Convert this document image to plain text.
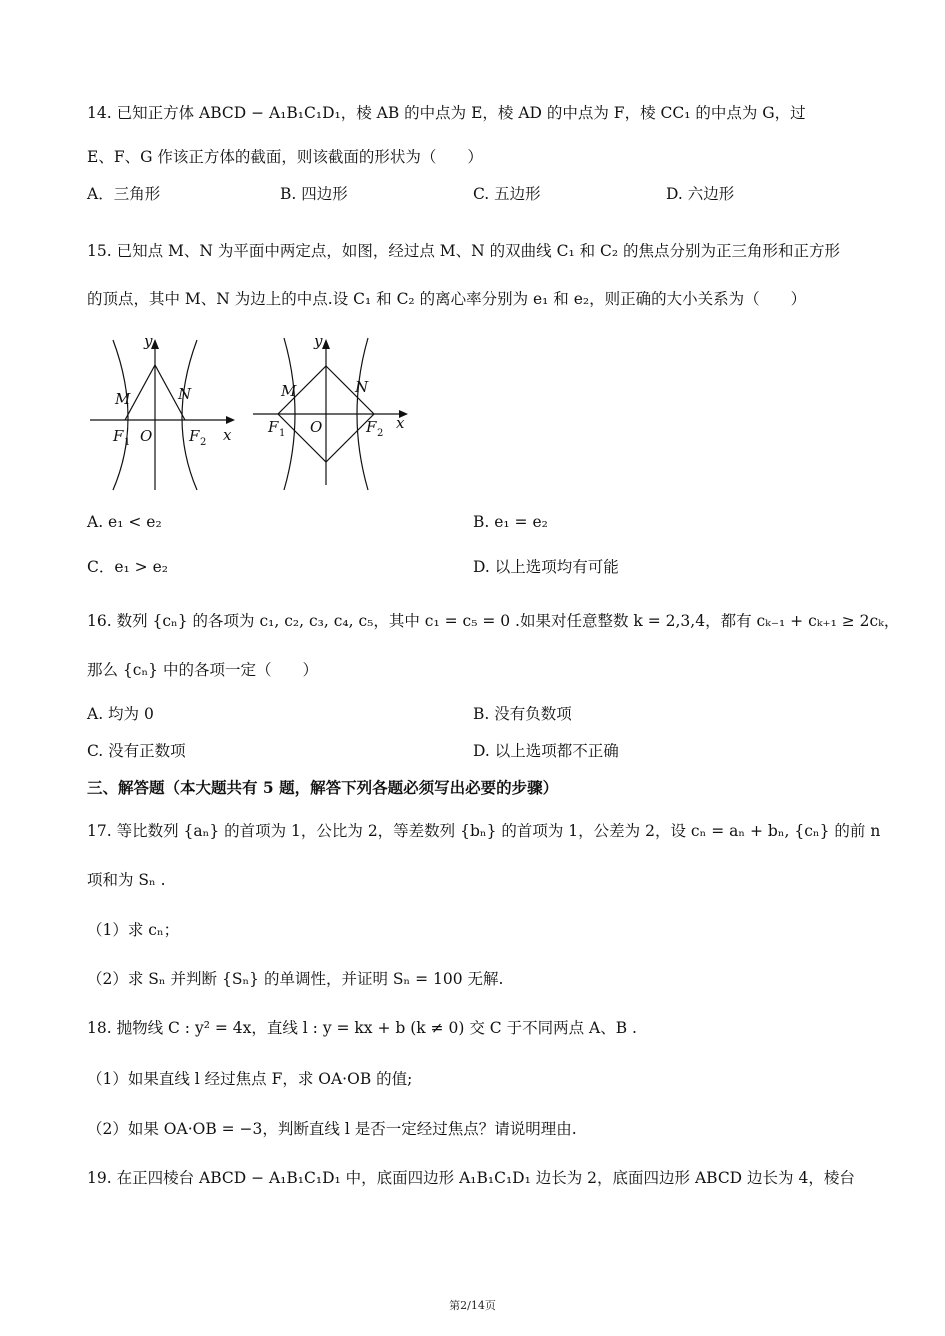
14. 已知正方体 ABCD − A₁B₁C₁D₁，棱 AB 的中点为 E，棱 AD 的中点为 F，棱 CC₁ 的中点为 G，过
E、F、G 作该正方体的截面，则该截面的形状为（　　）
A．三角形	B. 四边形	C. 五边形	D. 六边形
15. 已知点 M、N 为平面中两定点，如图，经过点 M、N 的双曲线 C₁ 和 C₂ 的焦点分别为正三角形和正方形
的顶点，其中 M、N 为边上的中点.设 C₁ 和 C₂ 的离心率分别为 e₁ 和 e₂，则正确的大小关系为（　　）
y
x
M	N
O
F 1	F 2
y
x
M	N
O
F 1	F 2
A. e₁ < e₂	B. e₁ = e₂
C．e₁ > e₂	D. 以上选项均有可能
16. 数列 {cₙ} 的各项为 c₁, c₂, c₃, c₄, c₅，其中 c₁ = c₅ = 0 .如果对任意整数 k = 2,3,4，都有 cₖ₋₁ + cₖ₊₁ ≥ 2cₖ，
那么 {cₙ} 中的各项一定（　　）
A. 均为 0	B. 没有负数项
C. 没有正数项	D. 以上选项都不正确
三、解答题（本大题共有 5 题，解答下列各题必须写出必要的步骤）
17. 等比数列 {aₙ} 的首项为 1，公比为 2，等差数列 {bₙ} 的首项为 1，公差为 2，设 cₙ = aₙ + bₙ, {cₙ} 的前 n
项和为 Sₙ .
（1）求 cₙ；
（2）求 Sₙ 并判断 {Sₙ} 的单调性，并证明 Sₙ = 100 无解.
18. 抛物线 C : y² = 4x，直线 l : y = kx + b (k ≠ 0) 交 C 于不同两点 A、B .
（1）如果直线 l 经过焦点 F，求 OA·OB 的值;
（2）如果 OA·OB = −3，判断直线 l 是否一定经过焦点？请说明理由.
19. 在正四棱台 ABCD − A₁B₁C₁D₁ 中，底面四边形 A₁B₁C₁D₁ 边长为 2，底面四边形 ABCD 边长为 4，棱台
第2/14页
